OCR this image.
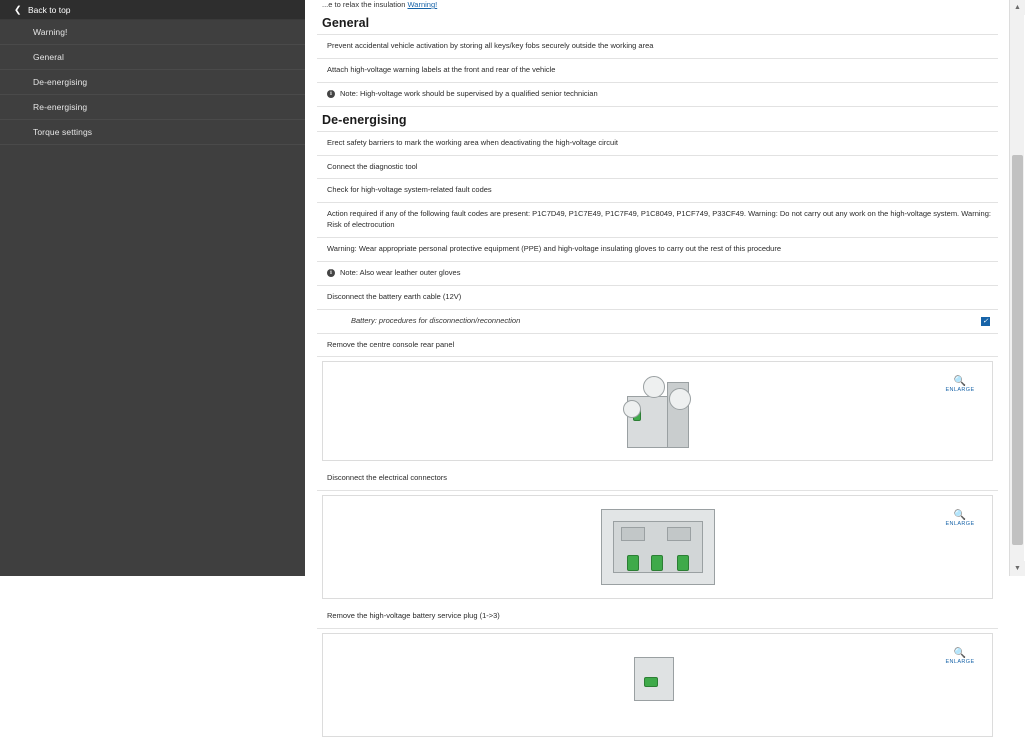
❮ Back to top
Warning!
General
De-energising
Re-energising
Torque settings
...e to relax the insulation Warning!
General
Prevent accidental vehicle activation by storing all keys/key fobs securely outside the working area
Attach high-voltage warning labels at the front and rear of the vehicle
i	Note: High-voltage work should be supervised by a qualified senior technician
De-energising
Erect safety barriers to mark the working area when deactivating the high-voltage circuit
Connect the diagnostic tool
Check for high-voltage system-related fault codes
Action required if any of the following fault codes are present: P1C7D49, P1C7E49, P1C7F49, P1C8049, P1CF749, P33CF49. Warning: Do not carry out any work on the high-voltage system. Warning: Risk of electrocution
Warning: Wear appropriate personal protective equipment (PPE) and high-voltage insulating gloves to carry out the rest of this procedure
i	Note: Also wear leather outer gloves
Disconnect the battery earth cable (12V)
Battery: procedures for disconnection/reconnection	✓
Remove the centre console rear panel
🔍
ENLARGE
Disconnect the electrical connectors
🔍
ENLARGE
Remove the high-voltage battery service plug (1->3)
🔍
ENLARGE
▲
▼
